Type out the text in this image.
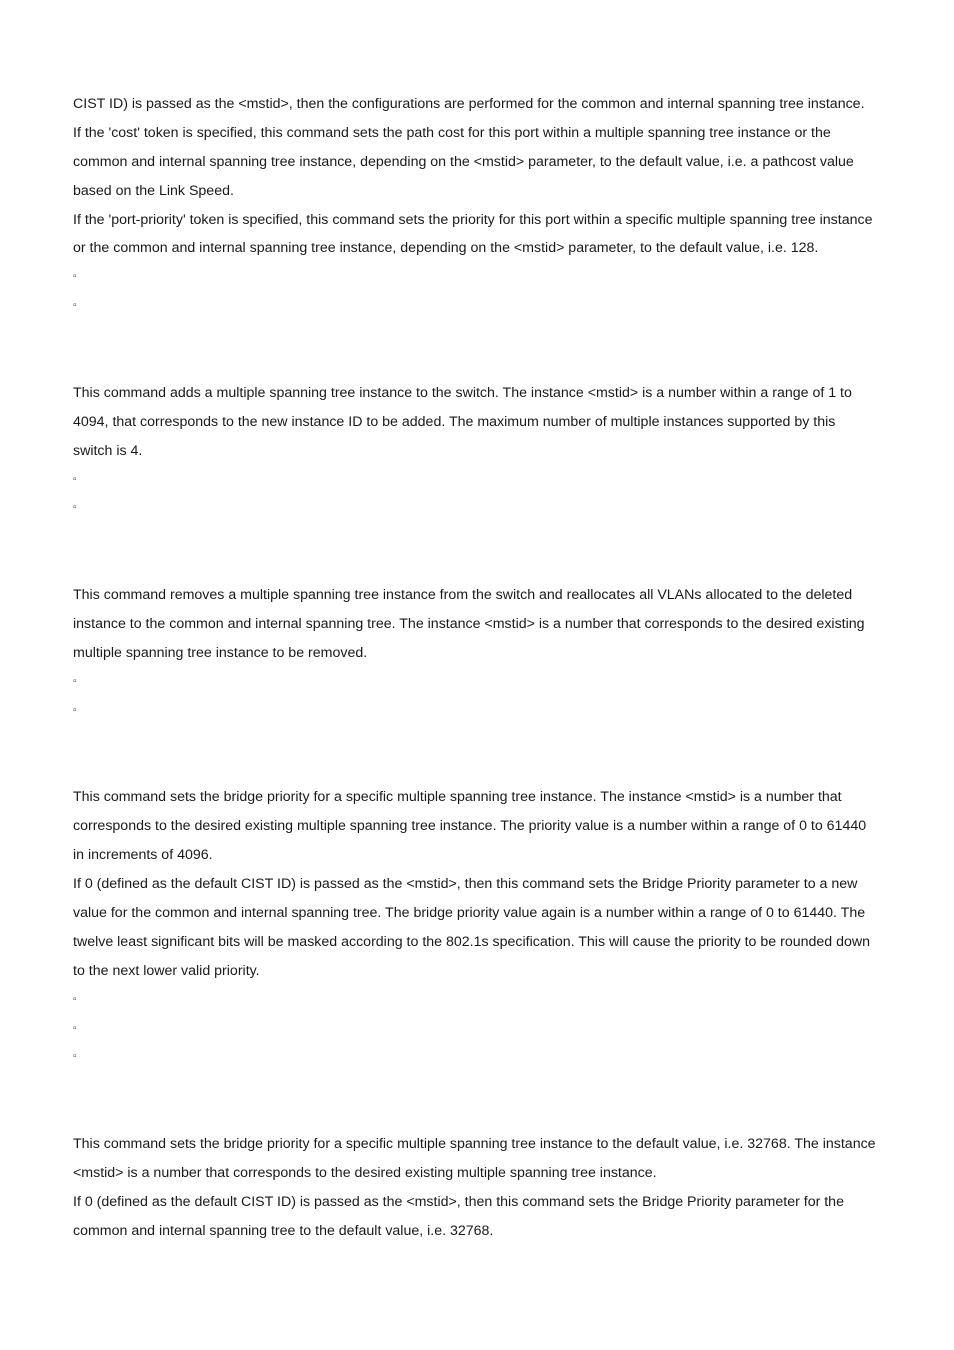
CIST ID) is passed as the <mstid>, then the configurations are performed for the common and internal spanning tree instance.
If the 'cost' token is specified, this command sets the path cost for this port within a multiple spanning tree instance or the
common and internal spanning tree instance, depending on the <mstid> parameter, to the default value, i.e. a pathcost value
based on the Link Speed.
If the 'port-priority' token is specified, this command sets the priority for this port within a specific multiple spanning tree instance
or the common and internal spanning tree instance, depending on the <mstid> parameter, to the default value, i.e. 128.
▫
▫
This command adds a multiple spanning tree instance to the switch. The instance <mstid> is a number within a range of 1 to
4094, that corresponds to the new instance ID to be added. The maximum number of multiple instances supported by this
switch is 4.
▫
▫
This command removes a multiple spanning tree instance from the switch and reallocates all VLANs allocated to the deleted
instance to the common and internal spanning tree. The instance <mstid> is a number that corresponds to the desired existing
multiple spanning tree instance to be removed.
▫
▫
This command sets the bridge priority for a specific multiple spanning tree instance. The instance <mstid> is a number that
corresponds to the desired existing multiple spanning tree instance. The priority value is a number within a range of 0 to 61440
in increments of 4096.
If 0 (defined as the default CIST ID) is passed as the <mstid>, then this command sets the Bridge Priority parameter to a new
value for the common and internal spanning tree. The bridge priority value again is a number within a range of 0 to 61440. The
twelve least significant bits will be masked according to the 802.1s specification. This will cause the priority to be rounded down
to the next lower valid priority.
▫
▫
▫
This command sets the bridge priority for a specific multiple spanning tree instance to the default value, i.e. 32768. The instance
<mstid> is a number that corresponds to the desired existing multiple spanning tree instance.
If 0 (defined as the default CIST ID) is passed as the <mstid>, then this command sets the Bridge Priority parameter for the
common and internal spanning tree to the default value, i.e. 32768.
